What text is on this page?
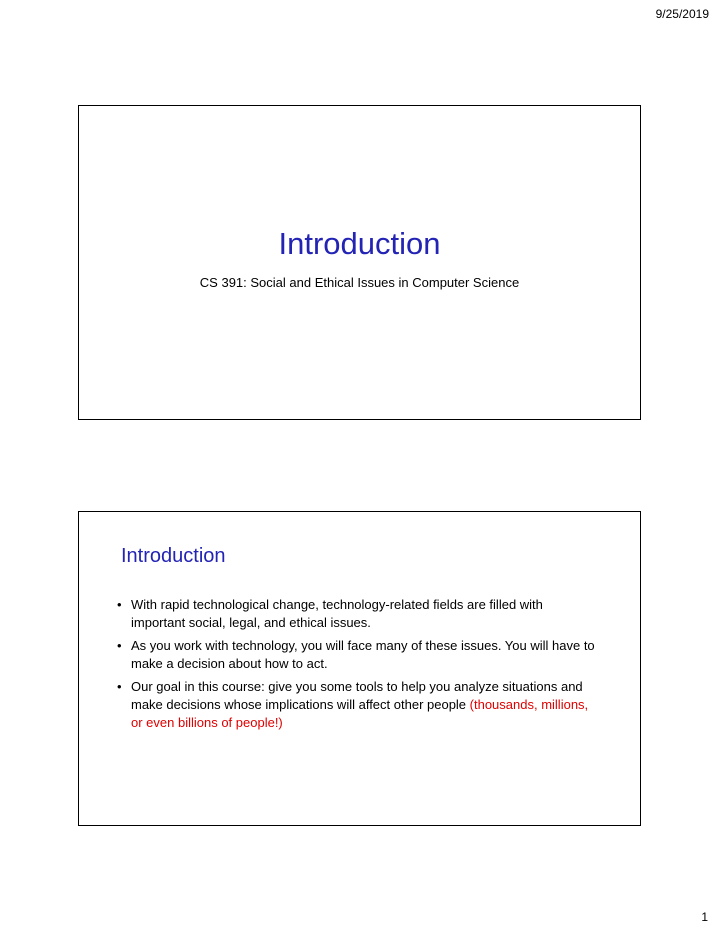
9/25/2019
Introduction
CS 391: Social and Ethical Issues in Computer Science
Introduction
• With rapid technological change, technology-related fields are filled with important social, legal, and ethical issues.
• As you work with technology, you will face many of these issues. You will have to make a decision about how to act.
• Our goal in this course: give you some tools to help you analyze situations and make decisions whose implications will affect other people (thousands, millions, or even billions of people!)
1
